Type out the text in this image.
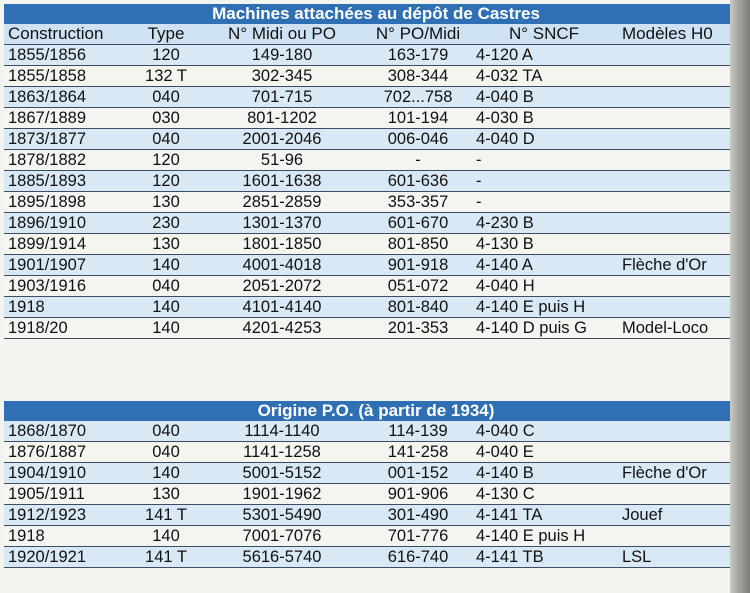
Machines attachées au dépôt de Castres					
Construction	Type	N° Midi ou PO	N° PO/Midi	N° SNCF	Modèles H0
1855/1856	120	149-180	163-179	4-120 A	
1855/1858	132 T	302-345	308-344	4-032 TA	
1863/1864	040	701-715	702...758	4-040 B	
1867/1889	030	801-1202	101-194	4-030 B	
1873/1877	040	2001-2046	006-046	4-040 D	
1878/1882	120	51-96	-	-	
1885/1893	120	1601-1638	601-636	-	
1895/1898	130	2851-2859	353-357	-	
1896/1910	230	1301-1370	601-670	4-230 B	
1899/1914	130	1801-1850	801-850	4-130 B	
1901/1907	140	4001-4018	901-918	4-140 A	Flèche d'Or
1903/1916	040	2051-2072	051-072	4-040 H	
1918	140	4101-4140	801-840	4-140 E puis H	
1918/20	140	4201-4253	201-353	4-140 D puis G	Model-Loco
Origine P.O. (à partir de 1934)					
1868/1870	040	1114-1140	114-139	4-040 C	
1876/1887	040	1141-1258	141-258	4-040 E	
1904/1910	140	5001-5152	001-152	4-140 B	Flèche d'Or
1905/1911	130	1901-1962	901-906	4-130 C	
1912/1923	141 T	5301-5490	301-490	4-141 TA	Jouef
1918	140	7001-7076	701-776	4-140 E puis H	
1920/1921	141 T	5616-5740	616-740	4-141 TB	LSL
